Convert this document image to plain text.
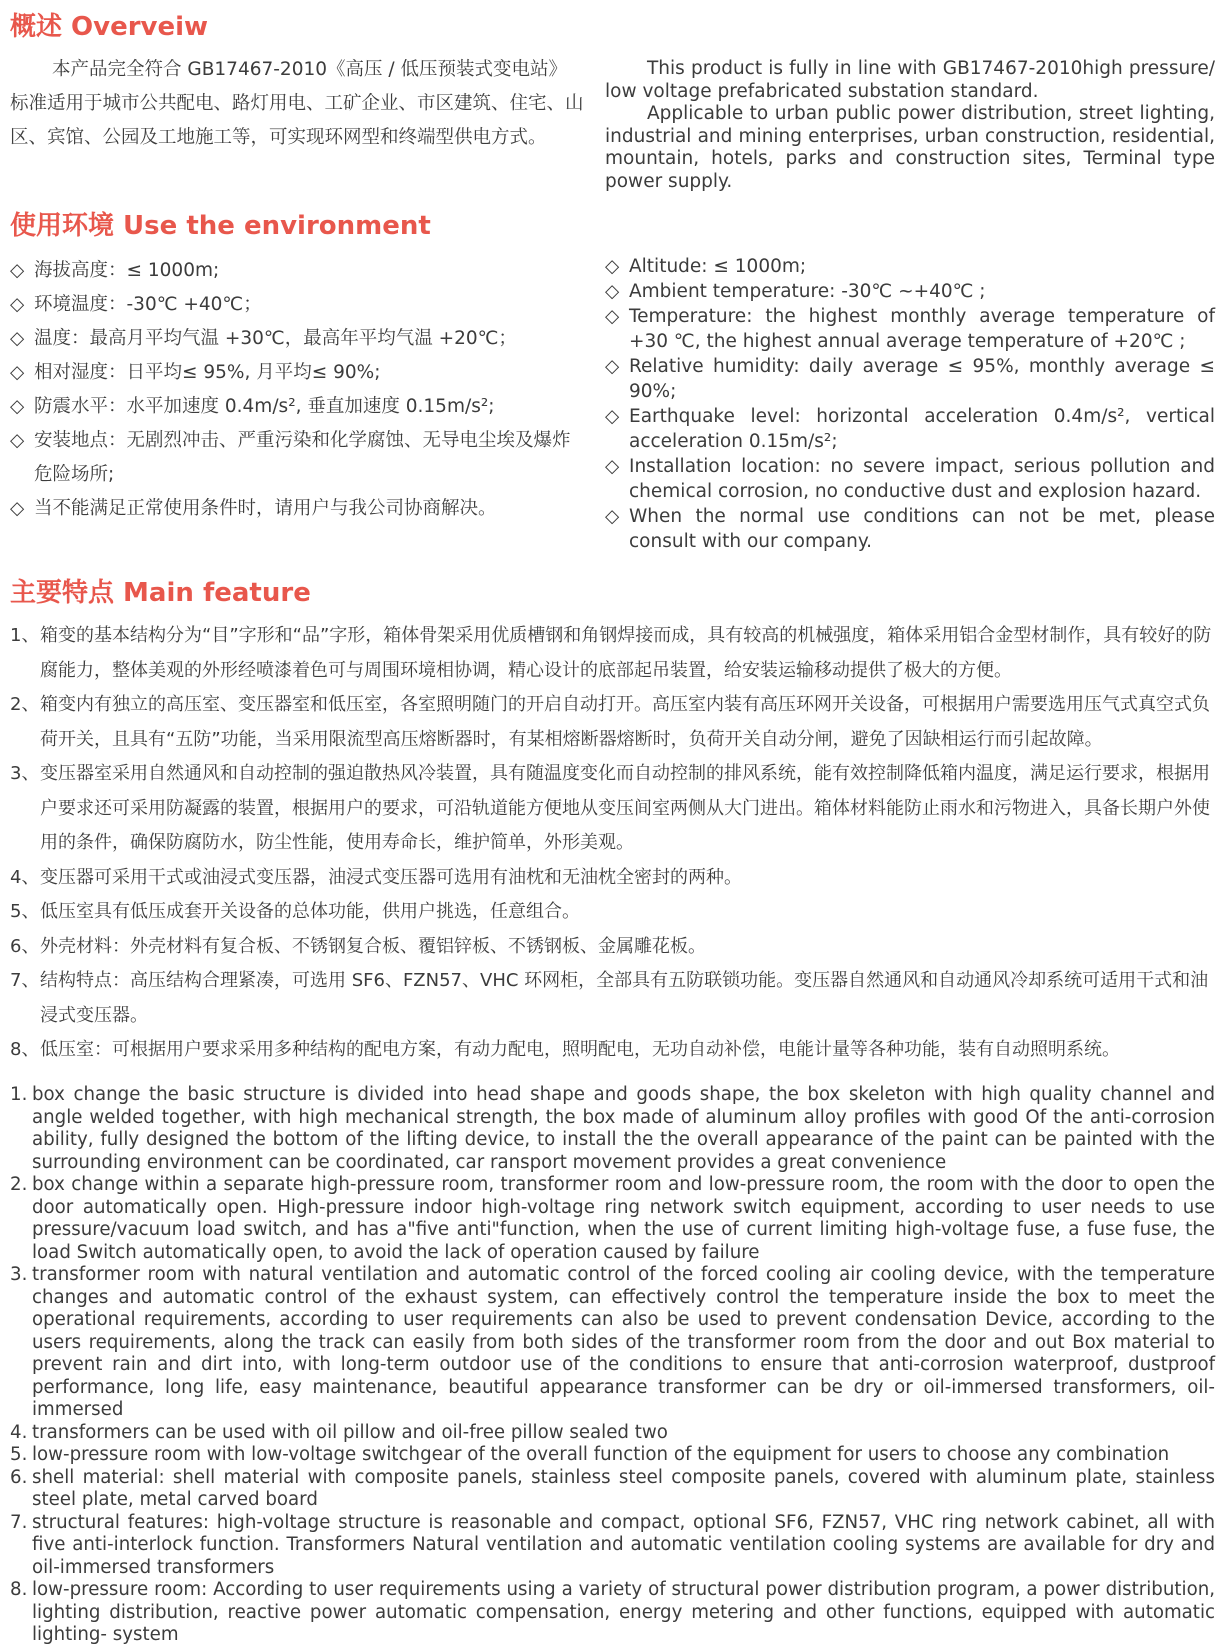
概述 Overveiw

本产品完全符合 GB17467-2010《高压 / 低压预装式变电站》标准适用于城市公共配电、路灯用电、工矿企业、市区建筑、住宅、山区、宾馆、公园及工地施工等，可实现环网型和终端型供电方式。

This product is fully in line with GB17467-2010high pressure/ low voltage prefabricated substation standard.

Applicable to urban public power distribution, street lighting, industrial and mining enterprises, urban construction, residential, mountain, hotels, parks and construction sites, Terminal type power supply.

使用环境 Use the environment
◇ 海拔高度：≤ 1000m;
◇ 环境温度：-30℃ +40℃；
◇ 温度：最高月平均气温 +30℃，最高年平均气温 +20℃；
◇ 相对湿度：日平均≤ 95%, 月平均≤ 90%;
◇ 防震水平：水平加速度 0.4m/s², 垂直加速度 0.15m/s²;
◇ 安装地点：无剧烈冲击、严重污染和化学腐蚀、无导电尘埃及爆炸危险场所;
◇ 当不能满足正常使用条件时，请用户与我公司协商解决。
◇ Altitude: ≤ 1000m;
◇ Ambient temperature: -30℃ ~+40℃ ;
◇ Temperature: the highest monthly average temperature of +30 ℃, the highest annual average temperature of +20℃ ;
◇ Relative humidity: daily average ≤ 95%, monthly average ≤ 90%;
◇ Earthquake level: horizontal acceleration 0.4m/s², vertical acceleration 0.15m/s²;
◇ Installation location: no severe impact, serious pollution and chemical corrosion, no conductive dust and explosion hazard.
◇ When the normal use conditions can not be met, please consult with our company.
主要特点 Main feature
1、 箱变的基本结构分为“目”字形和“品”字形，箱体骨架采用优质槽钢和角钢焊接而成，具有较高的机械强度，箱体采用铝合金型材制作，具有较好的防腐能力，整体美观的外形经喷漆着色可与周围环境相协调，精心设计的底部起吊装置，给安装运输移动提供了极大的方便。
2、 箱变内有独立的高压室、变压器室和低压室，各室照明随门的开启自动打开。高压室内装有高压环网开关设备，可根据用户需要选用压气式真空式负荷开关，且具有“五防”功能，当采用限流型高压熔断器时，有某相熔断器熔断时，负荷开关自动分闸，避免了因缺相运行而引起故障。
3、 变压器室采用自然通风和自动控制的强迫散热风冷装置，具有随温度变化而自动控制的排风系统，能有效控制降低箱内温度，满足运行要求，根据用户要求还可采用防凝露的装置，根据用户的要求，可沿轨道能方便地从变压间室两侧从大门进出。箱体材料能防止雨水和污物进入，具备长期户外使用的条件，确保防腐防水，防尘性能，使用寿命长，维护简单，外形美观。
4、 变压器可采用干式或油浸式变压器，油浸式变压器可选用有油枕和无油枕全密封的两种。
5、 低压室具有低压成套开关设备的总体功能，供用户挑选，任意组合。
6、 外壳材料：外壳材料有复合板、不锈钢复合板、覆铝锌板、不锈钢板、金属雕花板。
7、 结构特点：高压结构合理紧凑，可选用 SF6、FZN57、VHC 环网柜，全部具有五防联锁功能。变压器自然通风和自动通风冷却系统可适用干式和油浸式变压器。
8、 低压室：可根据用户要求采用多种结构的配电方案，有动力配电，照明配电，无功自动补偿，电能计量等各种功能，装有自动照明系统。
1. box change the basic structure is divided into head shape and goods shape, the box skeleton with high quality channel and angle welded together, with high mechanical strength, the box made of aluminum alloy profiles with good Of the anti-corrosion ability, fully designed the bottom of the lifting device, to install the the overall appearance of the paint can be painted with the surrounding environment can be coordinated, car ransport movement provides a great convenience
2. box change within a separate high-pressure room, transformer room and low-pressure room, the room with the door to open the door automatically open. High-pressure indoor high-voltage ring network switch equipment, according to user needs to use pressure/vacuum load switch, and has a"five anti"function, when the use of current limiting high-voltage fuse, a fuse fuse, the load Switch automatically open, to avoid the lack of operation caused by failure
3. transformer room with natural ventilation and automatic control of the forced cooling air cooling device, with the temperature changes and automatic control of the exhaust system, can effectively control the temperature inside the box to meet the operational requirements, according to user requirements can also be used to prevent condensation Device, according to the users requirements, along the track can easily from both sides of the transformer room from the door and out Box material to prevent rain and dirt into, with long-term outdoor use of the conditions to ensure that anti-corrosion waterproof, dustproof performance, long life, easy maintenance, beautiful appearance transformer can be dry or oil-immersed transformers, oil-immersed
4. transformers can be used with oil pillow and oil-free pillow sealed two
5. low-pressure room with low-voltage switchgear of the overall function of the equipment for users to choose any combination
6. shell material: shell material with composite panels, stainless steel composite panels, covered with aluminum plate, stainless steel plate, metal carved board
7. structural features: high-voltage structure is reasonable and compact, optional SF6, FZN57, VHC ring network cabinet, all with five anti-interlock function. Transformers Natural ventilation and automatic ventilation cooling systems are available for dry and oil-immersed transformers
8. low-pressure room: According to user requirements using a variety of structural power distribution program, a power distribution, lighting distribution, reactive power automatic compensation, energy metering and other functions, equipped with automatic lighting- system
